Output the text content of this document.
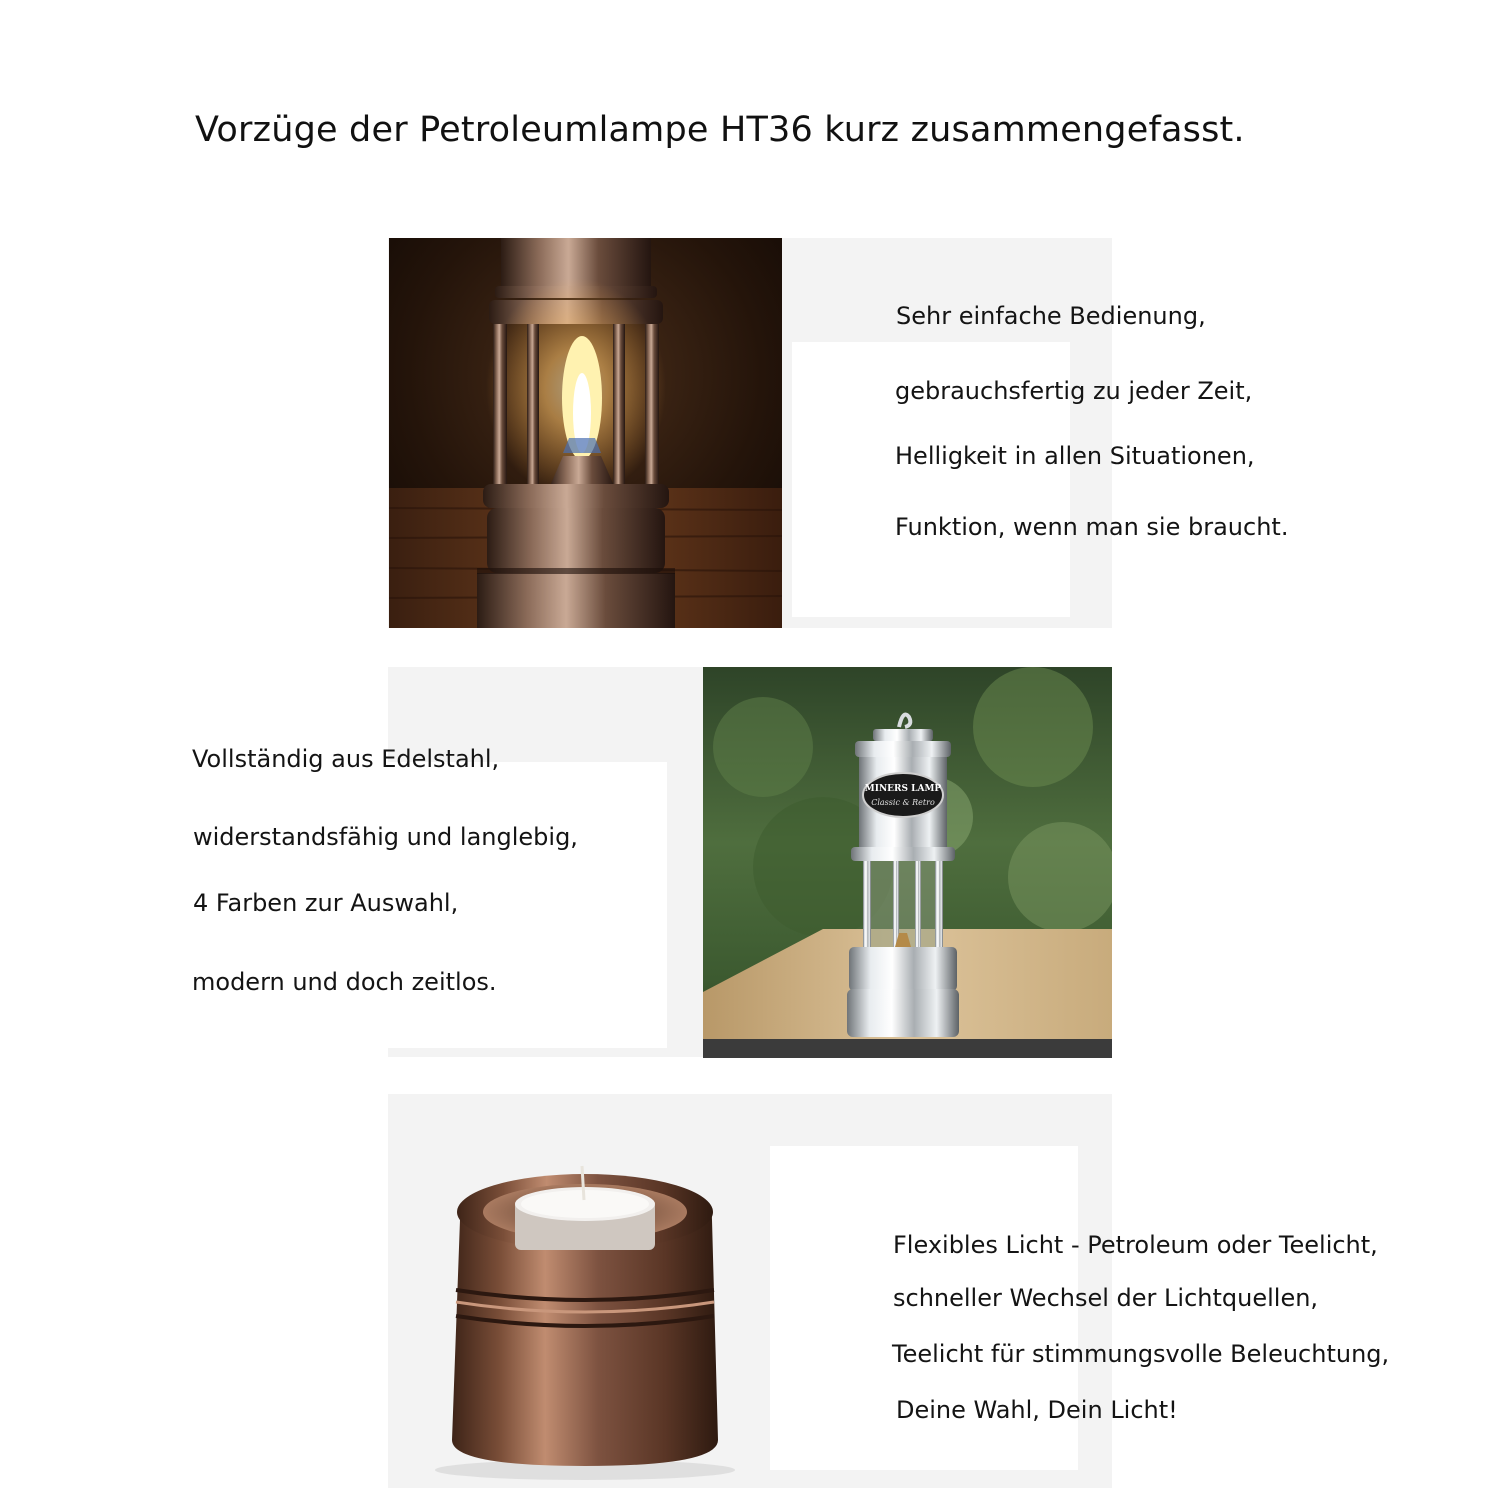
Vorzüge der Petroleumlampe HT36 kurz zusammengefasst.
Sehr einfache Bedienung,
gebrauchsfertig zu jeder Zeit,
Helligkeit in allen Situationen,
Funktion, wenn man sie braucht.
MINERS LAMP
Classic & Retro
Vollständig aus Edelstahl,
widerstandsfähig und langlebig,
4 Farben zur Auswahl,
modern und doch zeitlos.
Flexibles Licht - Petroleum oder Teelicht,
schneller Wechsel der Lichtquellen,
Teelicht für stimmungsvolle Beleuchtung,
Deine Wahl, Dein Licht!
